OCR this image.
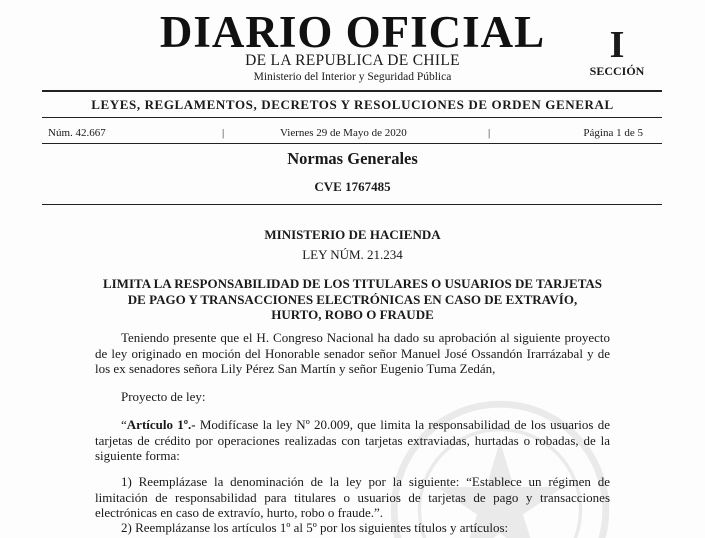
DIARIO OFICIAL
DE LA REPUBLICA DE CHILE
Ministerio del Interior y Seguridad Pública
I
SECCIÓN
LEYES, REGLAMENTOS, DECRETOS Y RESOLUCIONES DE ORDEN GENERAL
Núm. 42.667	|	Viernes 29 de Mayo de 2020	|	Página 1 de 5
Normas Generales
CVE 1767485
MINISTERIO DE HACIENDA
LEY NÚM. 21.234
LIMITA LA RESPONSABILIDAD DE LOS TITULARES O USUARIOS DE TARJETAS
DE PAGO Y TRANSACCIONES ELECTRÓNICAS EN CASO DE EXTRAVÍO,
HURTO, ROBO O FRAUDE
Teniendo presente que el H. Congreso Nacional ha dado su aprobación al siguiente proyecto
de ley originado en moción del Honorable senador señor Manuel José Ossandón Irarrázabal y de
los ex senadores señora Lily Pérez San Martín y señor Eugenio Tuma Zedán,
Proyecto de ley:
“Artículo 1º.- Modifícase la ley Nº 20.009, que limita la responsabilidad de los usuarios de
tarjetas de crédito por operaciones realizadas con tarjetas extraviadas, hurtadas o robadas, de la
siguiente forma:
1) Reemplázase la denominación de la ley por la siguiente: “Establece un régimen de
limitación de responsabilidad para titulares o usuarios de tarjetas de pago y transacciones
electrónicas en caso de extravío, hurto, robo o fraude.”.
2) Reemplázanse los artículos 1º al 5º por los siguientes títulos y artículos:
